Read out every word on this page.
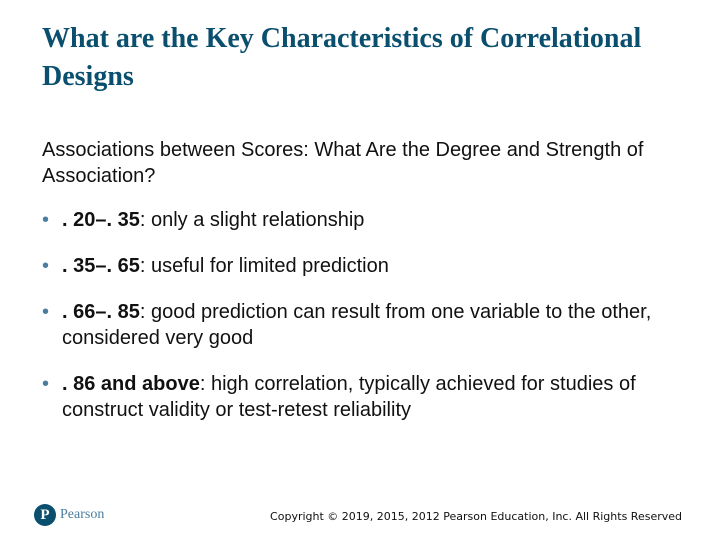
What are the Key Characteristics of Correlational Designs

Associations between Scores: What Are the Degree and Strength of Association?

• . 20–. 35: only a slight relationship
• . 35–. 65: useful for limited prediction
• . 66–. 85: good prediction can result from one variable to the other, considered very good
• . 86 and above: high correlation, typically achieved for studies of construct validity or test-retest reliability
P Pearson	Copyright © 2019, 2015, 2012 Pearson Education, Inc. All Rights Reserved
